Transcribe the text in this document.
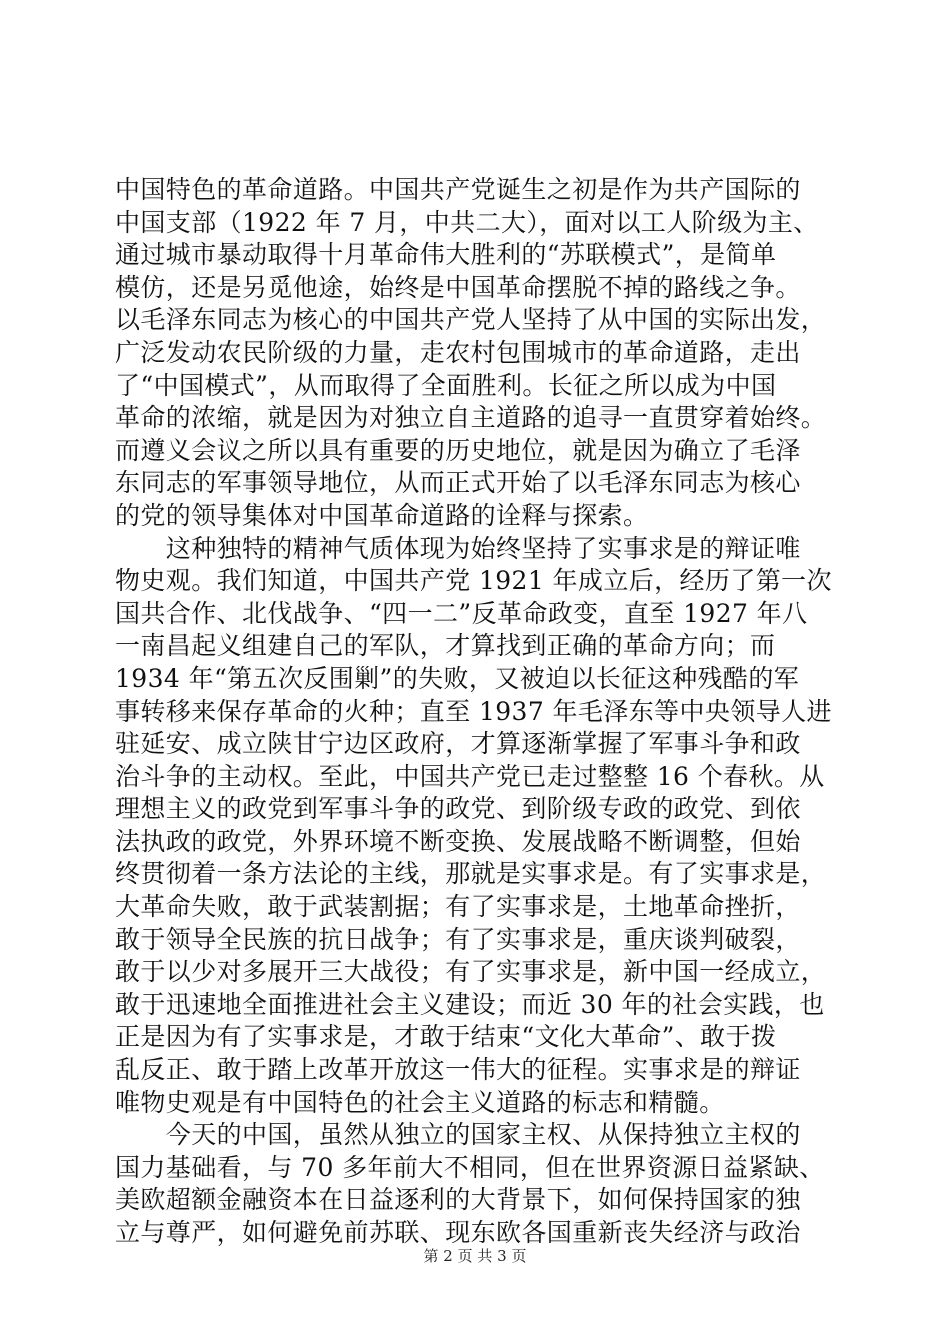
中国特色的革命道路。中国共产党诞生之初是作为共产国际的
中国支部（1922 年 7 月，中共二大），面对以工人阶级为主、
通过城市暴动取得十月革命伟大胜利的“苏联模式”，是简单
模仿，还是另觅他途，始终是中国革命摆脱不掉的路线之争。
以毛泽东同志为核心的中国共产党人坚持了从中国的实际出发，
广泛发动农民阶级的力量，走农村包围城市的革命道路，走出
了“中国模式”，从而取得了全面胜利。长征之所以成为中国
革命的浓缩，就是因为对独立自主道路的追寻一直贯穿着始终。
而遵义会议之所以具有重要的历史地位，就是因为确立了毛泽
东同志的军事领导地位，从而正式开始了以毛泽东同志为核心
的党的领导集体对中国革命道路的诠释与探索。
　　这种独特的精神气质体现为始终坚持了实事求是的辩证唯
物史观。我们知道，中国共产党 1921 年成立后，经历了第一次
国共合作、北伐战争、“四一二”反革命政变，直至 1927 年八
一南昌起义组建自己的军队，才算找到正确的革命方向；而
1934 年“第五次反围剿”的失败，又被迫以长征这种残酷的军
事转移来保存革命的火种；直至 1937 年毛泽东等中央领导人进
驻延安、成立陕甘宁边区政府，才算逐渐掌握了军事斗争和政
治斗争的主动权。至此，中国共产党已走过整整 16 个春秋。从
理想主义的政党到军事斗争的政党、到阶级专政的政党、到依
法执政的政党，外界环境不断变换、发展战略不断调整，但始
终贯彻着一条方法论的主线，那就是实事求是。有了实事求是，
大革命失败，敢于武装割据；有了实事求是，土地革命挫折，
敢于领导全民族的抗日战争；有了实事求是，重庆谈判破裂，
敢于以少对多展开三大战役；有了实事求是，新中国一经成立，
敢于迅速地全面推进社会主义建设；而近 30 年的社会实践，也
正是因为有了实事求是，才敢于结束“文化大革命”、敢于拨
乱反正、敢于踏上改革开放这一伟大的征程。实事求是的辩证
唯物史观是有中国特色的社会主义道路的标志和精髓。
　　今天的中国，虽然从独立的国家主权、从保持独立主权的
国力基础看，与 70 多年前大不相同，但在世界资源日益紧缺、
美欧超额金融资本在日益逐利的大背景下，如何保持国家的独
立与尊严，如何避免前苏联、现东欧各国重新丧失经济与政治
第 2 页 共 3 页
